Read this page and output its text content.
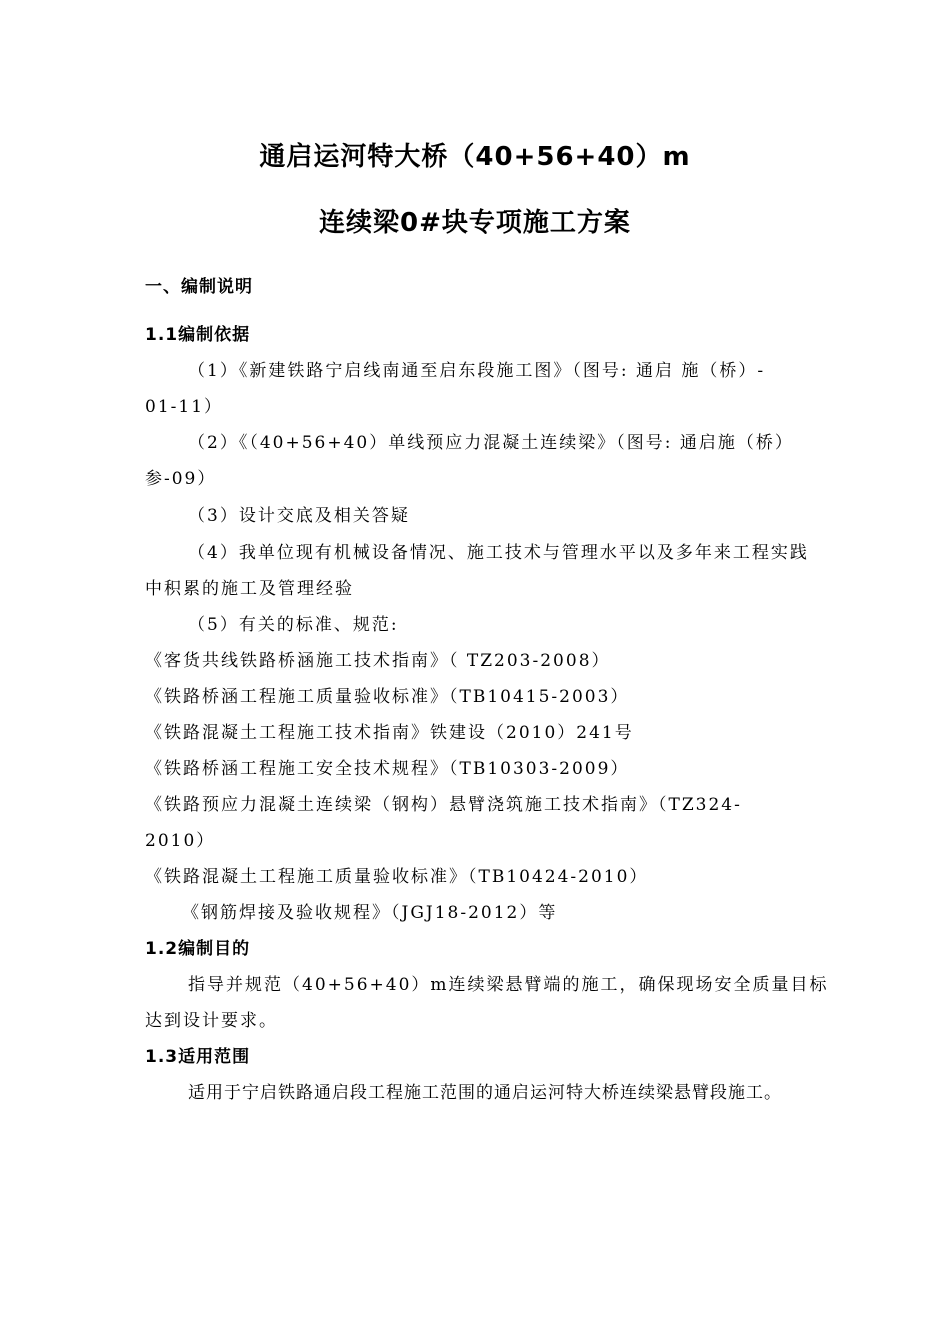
通启运河特大桥（40+56+40）m
连续梁0#块专项施工方案
一、编制说明
1.1编制依据
（1）《新建铁路宁启线南通至启东段施工图》（图号: 通启 施（桥）-
01-11）
（2）《（40+56+40）单线预应力混凝土连续梁》（图号: 通启施（桥）
参-09）
（3）设计交底及相关答疑
（4）我单位现有机械设备情况、施工技术与管理水平以及多年来工程实践
中积累的施工及管理经验
（5）有关的标准、规范:
《客货共线铁路桥涵施工技术指南》（ TZ203-2008）
《铁路桥涵工程施工质量验收标准》（TB10415-2003）
《铁路混凝土工程施工技术指南》铁建设（2010）241号
《铁路桥涵工程施工安全技术规程》（TB10303-2009）
《铁路预应力混凝土连续梁（钢构）悬臂浇筑施工技术指南》（TZ324-
2010）
《铁路混凝土工程施工质量验收标准》（TB10424-2010）
《钢筋焊接及验收规程》（JGJ18-2012）等
1.2编制目的
指导并规范（40+56+40）m连续梁悬臂端的施工，确保现场安全质量目标
达到设计要求。
1.3适用范围
适用于宁启铁路通启段工程施工范围的通启运河特大桥连续梁悬臂段施工。
